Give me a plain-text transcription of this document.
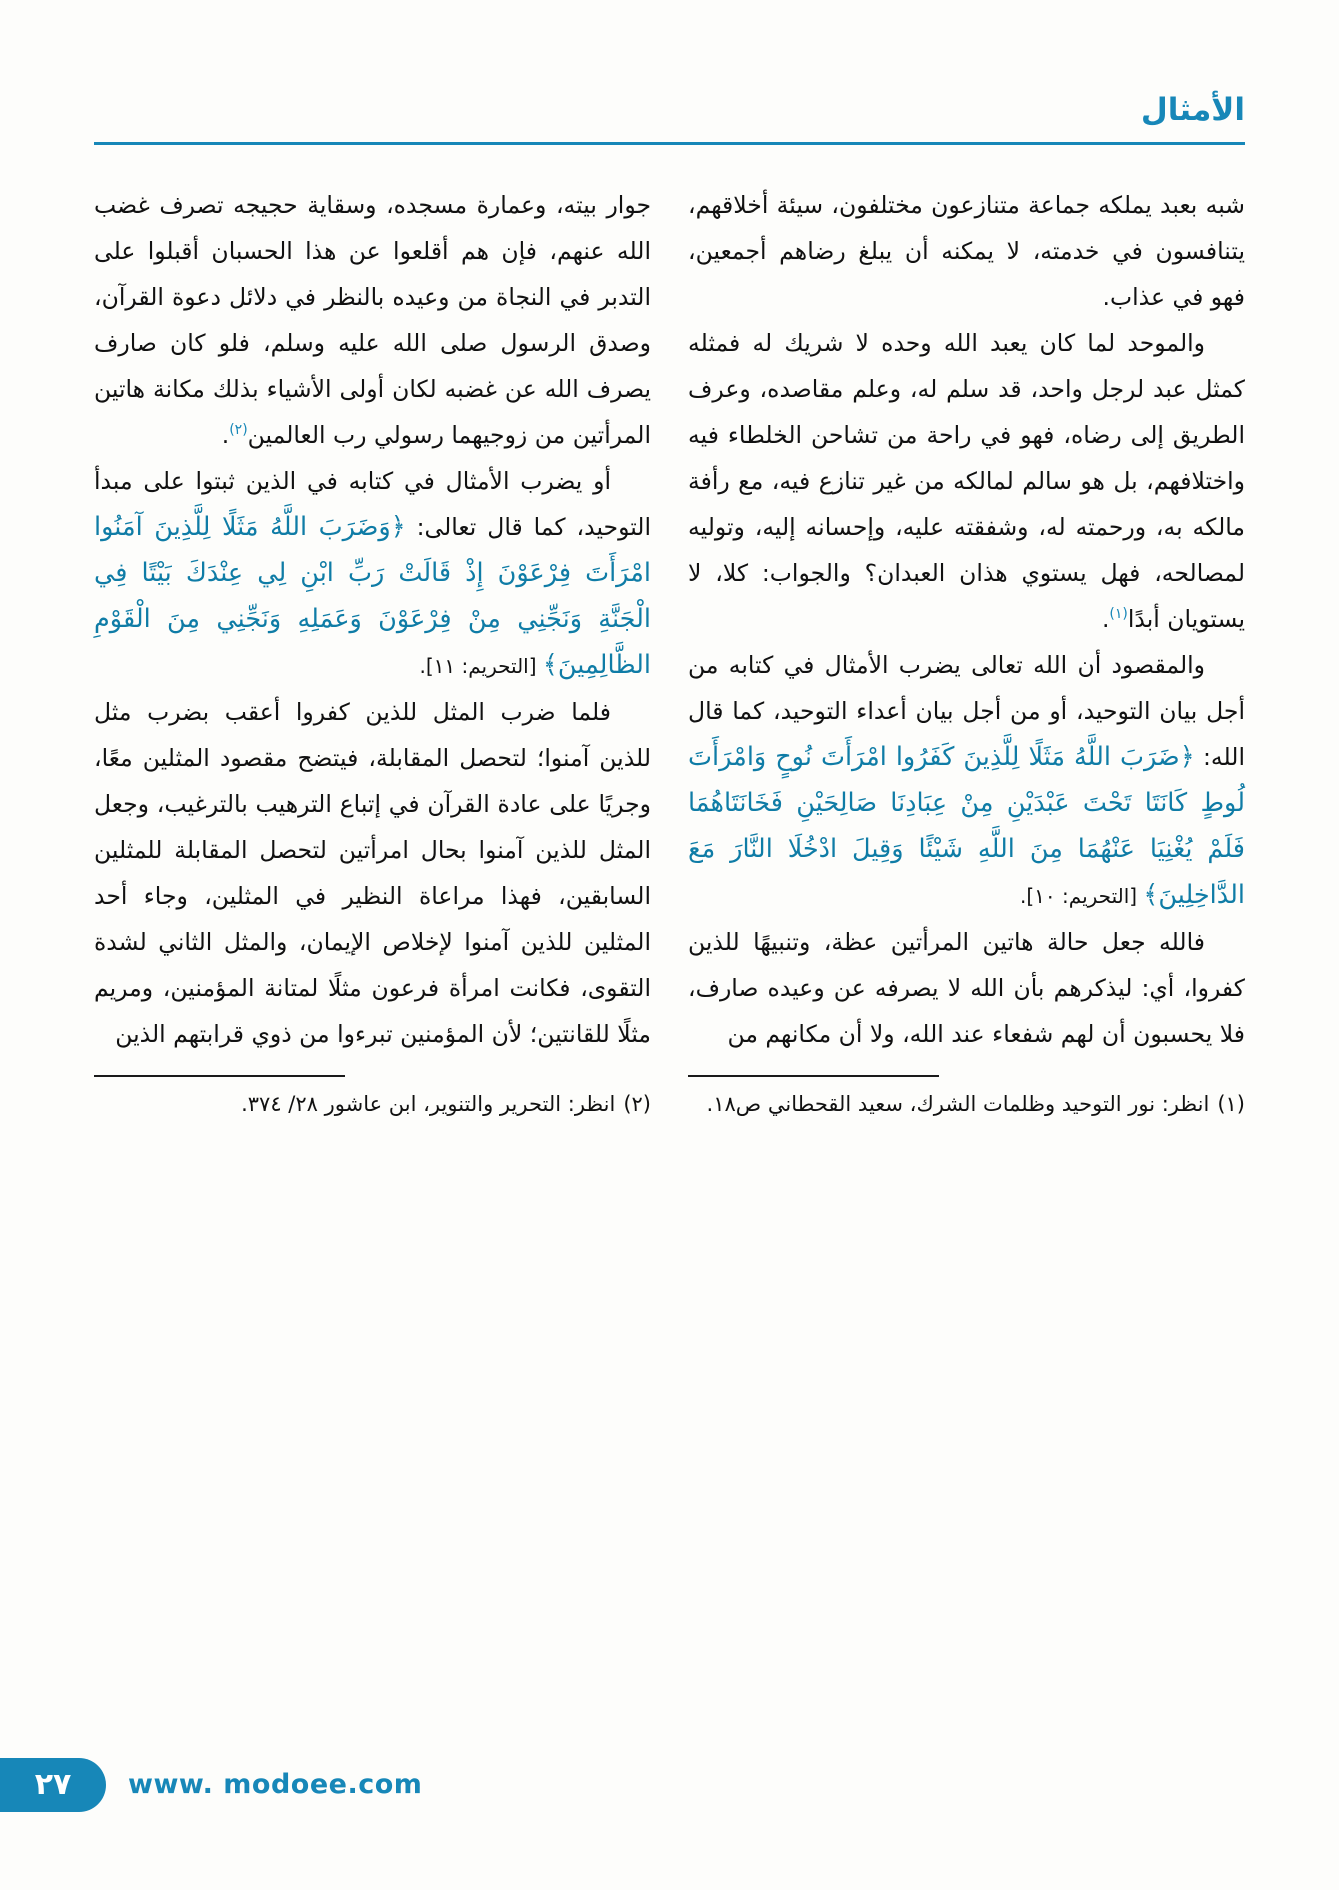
الأمثال

شبه بعبد يملكه جماعة متنازعون مختلفون، سيئة أخلاقهم، يتنافسون في خدمته، لا يمكنه أن يبلغ رضاهم أجمعين، فهو في عذاب.

والموحد لما كان يعبد الله وحده لا شريك له فمثله كمثل عبد لرجل واحد، قد سلم له، وعلم مقاصده، وعرف الطريق إلى رضاه، فهو في راحة من تشاحن الخلطاء فيه واختلافهم، بل هو سالم لمالكه من غير تنازع فيه، مع رأفة مالكه به، ورحمته له، وشفقته عليه، وإحسانه إليه، وتوليه لمصالحه، فهل يستوي هذان العبدان؟ والجواب: كلا، لا يستويان أبدًا$^{(١)}$.

والمقصود أن الله تعالى يضرب الأمثال في كتابه من أجل بيان التوحيد، أو من أجل بيان أعداء التوحيد، كما قال الله: ﴿ضَرَبَ اللَّهُ مَثَلًا لِلَّذِينَ كَفَرُوا امْرَأَتَ نُوحٍ وَامْرَأَتَ لُوطٍ كَانَتَا تَحْتَ عَبْدَيْنِ مِنْ عِبَادِنَا صَالِحَيْنِ فَخَانَتَاهُمَا فَلَمْ يُغْنِيَا عَنْهُمَا مِنَ اللَّهِ شَيْئًا وَقِيلَ ادْخُلَا النَّارَ مَعَ الدَّاخِلِينَ﴾ [التحريم: ١٠].

فالله جعل حالة هاتين المرأتين عظة، وتنبيهًا للذين كفروا، أي: ليذكرهم بأن الله لا يصرفه عن وعيده صارف، فلا يحسبون أن لهم شفعاء عند الله، ولا أن مكانهم من

(١)
انظر: نور التوحيد وظلمات الشرك، سعيد القحطاني ص١٨.

جوار بيته، وعمارة مسجده، وسقاية حجيجه تصرف غضب الله عنهم، فإن هم أقلعوا عن هذا الحسبان أقبلوا على التدبر في النجاة من وعيده بالنظر في دلائل دعوة القرآن، وصدق الرسول صلى الله عليه وسلم، فلو كان صارف يصرف الله عن غضبه لكان أولى الأشياء بذلك مكانة هاتين المرأتين من زوجيهما رسولي رب العالمين$^{(٢)}$.

أو يضرب الأمثال في كتابه في الذين ثبتوا على مبدأ التوحيد، كما قال تعالى: ﴿وَضَرَبَ اللَّهُ مَثَلًا لِلَّذِينَ آمَنُوا امْرَأَتَ فِرْعَوْنَ إِذْ قَالَتْ رَبِّ ابْنِ لِي عِنْدَكَ بَيْتًا فِي الْجَنَّةِ وَنَجِّنِي مِنْ فِرْعَوْنَ وَعَمَلِهِ وَنَجِّنِي مِنَ الْقَوْمِ الظَّالِمِينَ﴾ [التحريم: ١١].

فلما ضرب المثل للذين كفروا أعقب بضرب مثل للذين آمنوا؛ لتحصل المقابلة، فيتضح مقصود المثلين معًا، وجريًا على عادة القرآن في إتباع الترهيب بالترغيب، وجعل المثل للذين آمنوا بحال امرأتين لتحصل المقابلة للمثلين السابقين، فهذا مراعاة النظير في المثلين، وجاء أحد المثلين للذين آمنوا لإخلاص الإيمان، والمثل الثاني لشدة التقوى، فكانت امرأة فرعون مثلًا لمتانة المؤمنين، ومريم مثلًا للقانتين؛ لأن المؤمنين تبرءوا من ذوي قرابتهم الذين

(٢)
انظر: التحرير والتنوير، ابن عاشور ٢٨/ ٣٧٤.
٢٧	www. modoee.com
